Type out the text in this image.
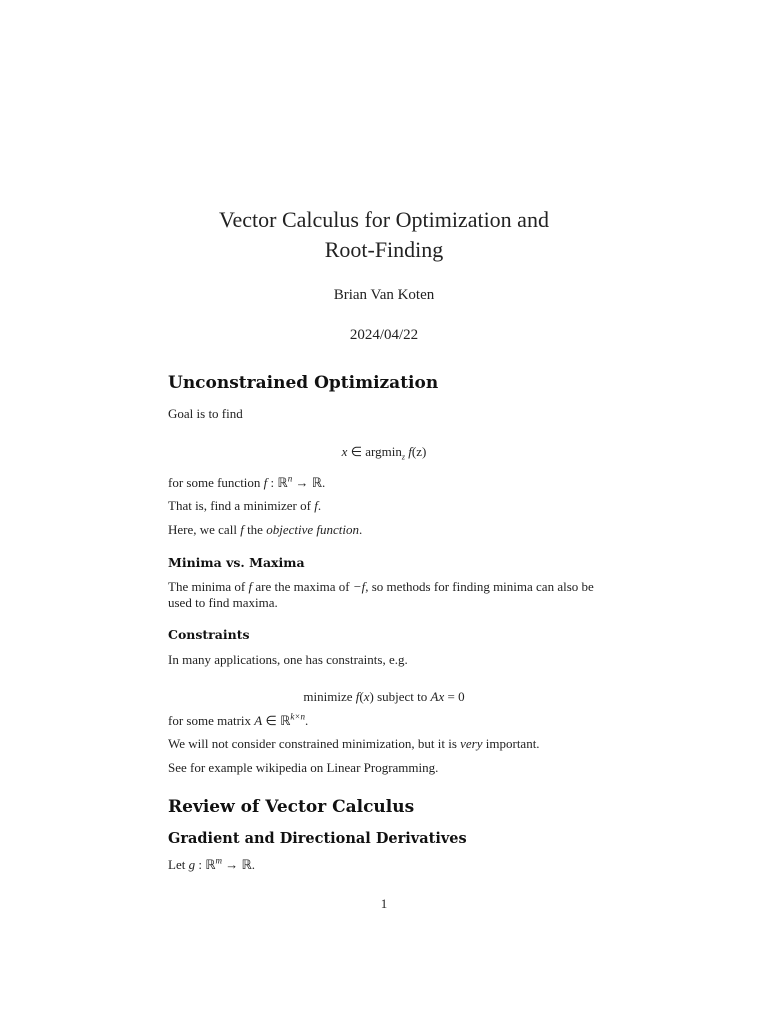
Vector Calculus for Optimization and
Root-Finding
Brian Van Koten
2024/04/22
Unconstrained Optimization
Goal is to find
x ∈ argmin$_z$ f(z)
for some function f : ℝ$^n$ → ℝ.
That is, find a minimizer of f.
Here, we call f the objective function.
Minima vs. Maxima
The minima of f are the maxima of −f, so methods for finding minima can also be used to find maxima.
Constraints
In many applications, one has constraints, e.g.
minimize f(x) subject to Ax = 0
for some matrix A ∈ ℝ$^{k\times n}$.
We will not consider constrained minimization, but it is very important.
See for example wikipedia on Linear Programming.
Review of Vector Calculus
Gradient and Directional Derivatives
Let g : ℝ$^m$ → ℝ.
1
